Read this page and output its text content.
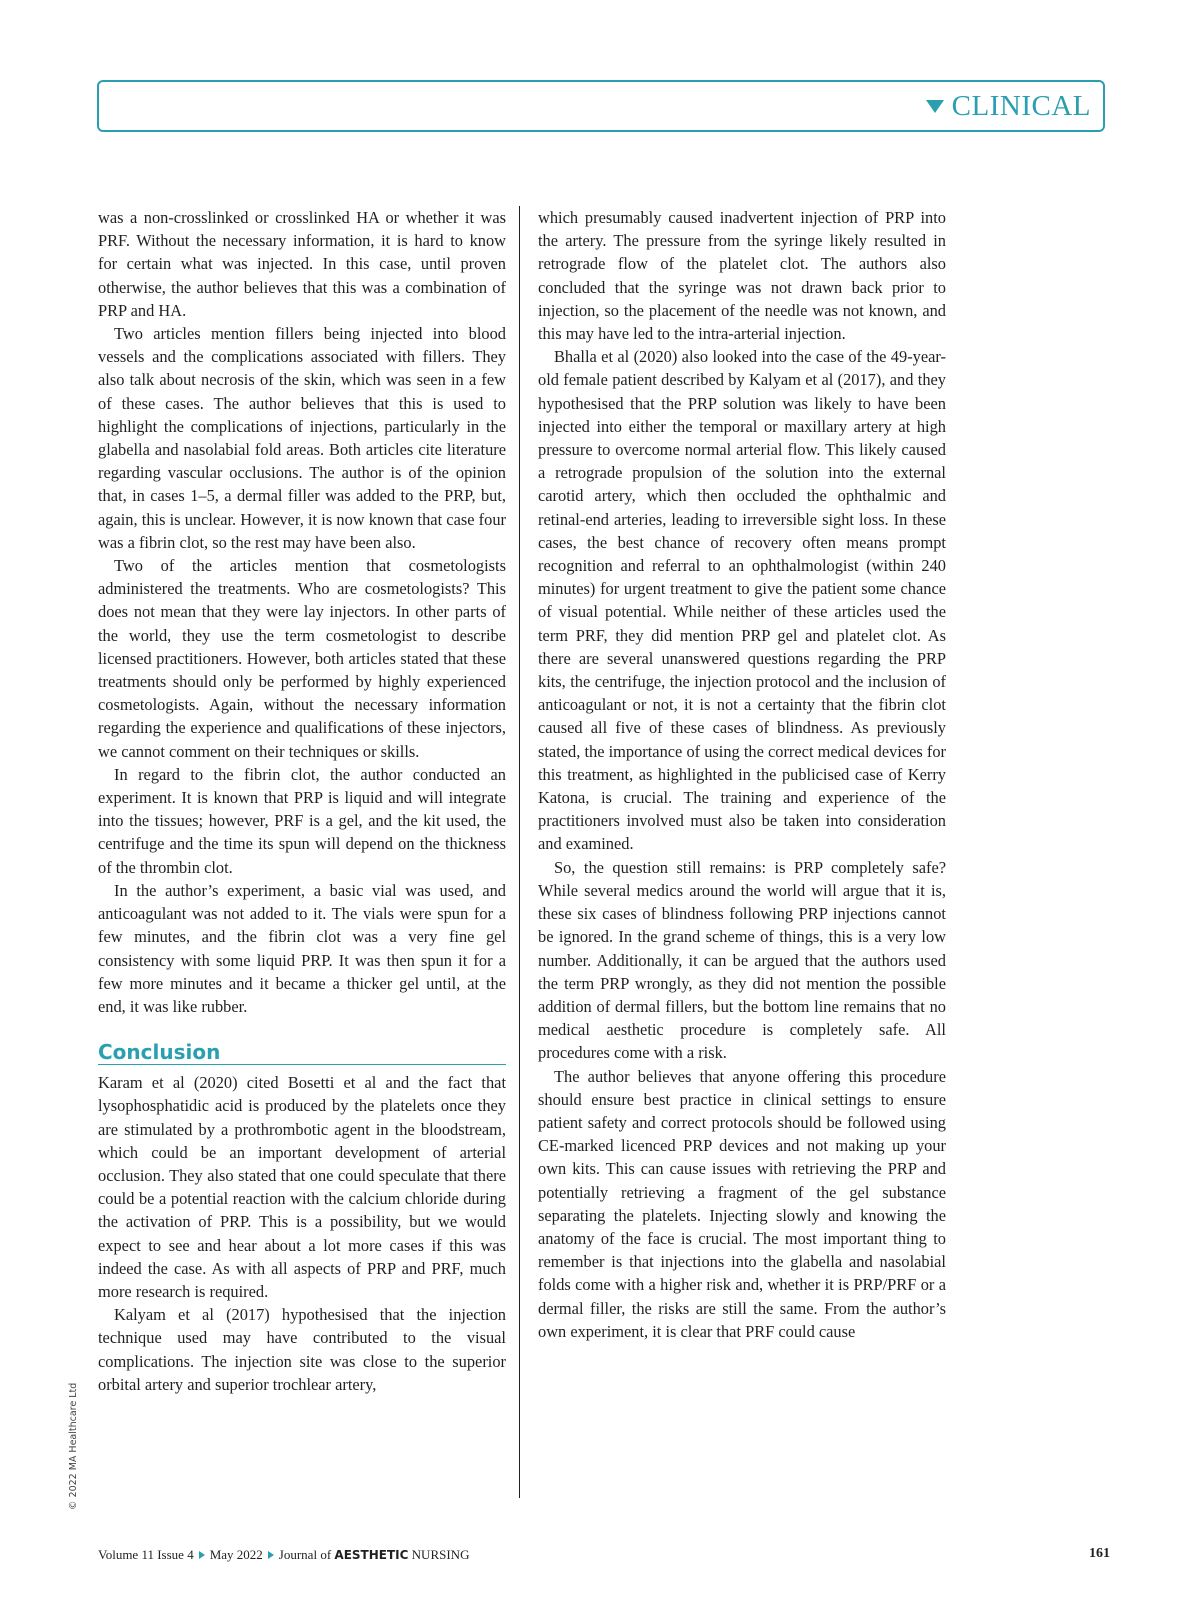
CLINICAL

was a non-crosslinked or crosslinked HA or whether it was PRF. Without the necessary information, it is hard to know for certain what was injected. In this case, until proven otherwise, the author believes that this was a combination of PRP and HA.

Two articles mention fillers being injected into blood vessels and the complications associated with fillers. They also talk about necrosis of the skin, which was seen in a few of these cases. The author believes that this is used to highlight the complications of injections, particularly in the glabella and nasolabial fold areas. Both articles cite literature regarding vascular occlusions. The author is of the opinion that, in cases 1–5, a dermal filler was added to the PRP, but, again, this is unclear. However, it is now known that case four was a fibrin clot, so the rest may have been also.

Two of the articles mention that cosmetologists administered the treatments. Who are cosmetologists? This does not mean that they were lay injectors. In other parts of the world, they use the term cosmetologist to describe licensed practitioners. However, both articles stated that these treatments should only be performed by highly experienced cosmetologists. Again, without the necessary information regarding the experience and qualifications of these injectors, we cannot comment on their techniques or skills.

In regard to the fibrin clot, the author conducted an experiment. It is known that PRP is liquid and will integrate into the tissues; however, PRF is a gel, and the kit used, the centrifuge and the time its spun will depend on the thickness of the thrombin clot.

In the author’s experiment, a basic vial was used, and anticoagulant was not added to it. The vials were spun for a few minutes, and the fibrin clot was a very fine gel consistency with some liquid PRP. It was then spun it for a few more minutes and it became a thicker gel until, at the end, it was like rubber.

Conclusion

Karam et al (2020) cited Bosetti et al and the fact that lysophosphatidic acid is produced by the platelets once they are stimulated by a prothrombotic agent in the bloodstream, which could be an important development of arterial occlusion. They also stated that one could speculate that there could be a potential reaction with the calcium chloride during the activation of PRP. This is a possibility, but we would expect to see and hear about a lot more cases if this was indeed the case. As with all aspects of PRP and PRF, much more research is required.

Kalyam et al (2017) hypothesised that the injection technique used may have contributed to the visual complications. The injection site was close to the superior orbital artery and superior trochlear artery,

which presumably caused inadvertent injection of PRP into the artery. The pressure from the syringe likely resulted in retrograde flow of the platelet clot. The authors also concluded that the syringe was not drawn back prior to injection, so the placement of the needle was not known, and this may have led to the intra-arterial injection.

Bhalla et al (2020) also looked into the case of the 49-year-old female patient described by Kalyam et al (2017), and they hypothesised that the PRP solution was likely to have been injected into either the temporal or maxillary artery at high pressure to overcome normal arterial flow. This likely caused a retrograde propulsion of the solution into the external carotid artery, which then occluded the ophthalmic and retinal-end arteries, leading to irreversible sight loss. In these cases, the best chance of recovery often means prompt recognition and referral to an ophthalmologist (within 240 minutes) for urgent treatment to give the patient some chance of visual potential. While neither of these articles used the term PRF, they did mention PRP gel and platelet clot. As there are several unanswered questions regarding the PRP kits, the centrifuge, the injection protocol and the inclusion of anticoagulant or not, it is not a certainty that the fibrin clot caused all five of these cases of blindness. As previously stated, the importance of using the correct medical devices for this treatment, as highlighted in the publicised case of Kerry Katona, is crucial. The training and experience of the practitioners involved must also be taken into consideration and examined.

So, the question still remains: is PRP completely safe? While several medics around the world will argue that it is, these six cases of blindness following PRP injections cannot be ignored. In the grand scheme of things, this is a very low number. Additionally, it can be argued that the authors used the term PRP wrongly, as they did not mention the possible addition of dermal fillers, but the bottom line remains that no medical aesthetic procedure is completely safe. All procedures come with a risk.

The author believes that anyone offering this procedure should ensure best practice in clinical settings to ensure patient safety and correct protocols should be followed using CE-marked licenced PRP devices and not making up your own kits. This can cause issues with retrieving the PRP and potentially retrieving a fragment of the gel substance separating the platelets. Injecting slowly and knowing the anatomy of the face is crucial. The most important thing to remember is that injections into the glabella and nasolabial folds come with a higher risk and, whether it is PRP/PRF or a dermal filler, the risks are still the same. From the author’s own experiment, it is clear that PRF could cause

© 2022 MA Healthcare Ltd
Volume 11 Issue 4 May 2022 Journal of
AESTHETIC
NURSING	161
